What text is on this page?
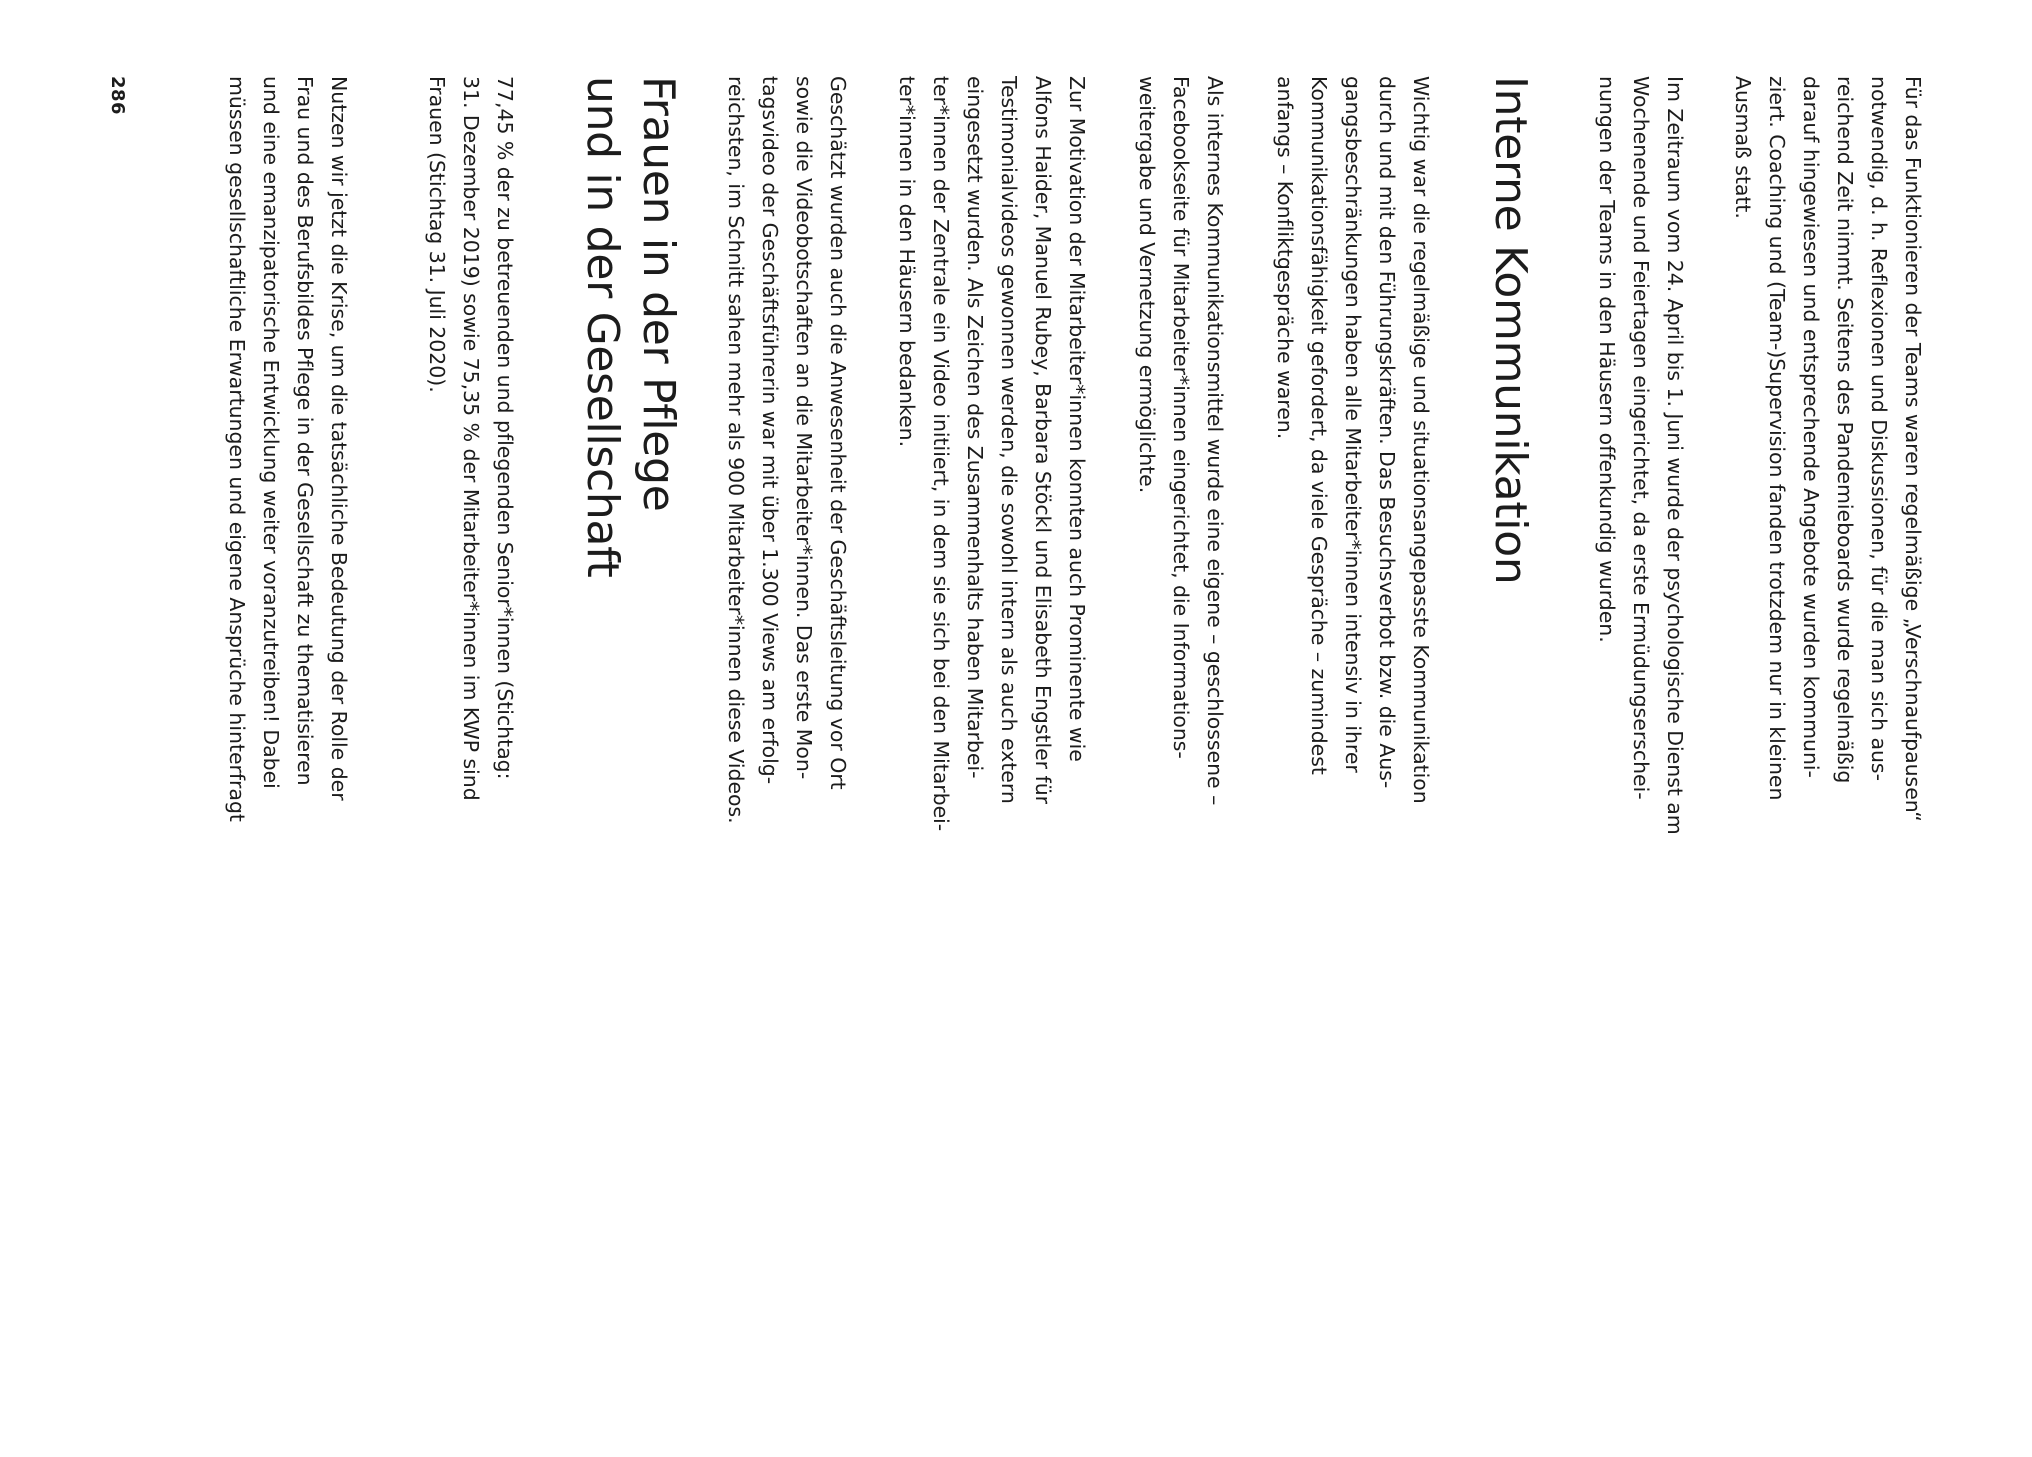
Für das Funktionieren der Teams waren regelmäßige „Verschnaufpausen“
notwendig, d. h. Reflexionen und Diskussionen, für die man sich aus-
reichend Zeit nimmt. Seitens des Pandemieboards wurde regelmäßig
darauf hingewiesen und entsprechende Angebote wurden kommuni-
ziert. Coaching und (Team-)Supervision fanden trotzdem nur in kleinen
Ausmaß statt.

Im Zeitraum vom 24. April bis 1. Juni wurde der psychologische Dienst am
Wochenende und Feiertagen eingerichtet, da erste Ermüdungserschei-
nungen der Teams in den Häusern offenkundig wurden.

Interne Kommunikation

Wichtig war die regelmäßige und situationsangepasste Kommunikation
durch und mit den Führungskräften. Das Besuchsverbot bzw. die Aus-
gangsbeschränkungen haben alle Mitarbeiter*innen intensiv in ihrer
Kommunikationsfähigkeit gefordert, da viele Gespräche – zumindest
anfangs – Konfliktgespräche waren.

Als internes Kommunikationsmittel wurde eine eigene – geschlossene –
Facebookseite für Mitarbeiter*innen eingerichtet, die Informations-
weitergabe und Vernetzung ermöglichte.

Zur Motivation der Mitarbeiter*innen konnten auch Prominente wie
Alfons Haider, Manuel Rubey, Barbara Stöckl und Elisabeth Engstler für
Testimonialvideos gewonnen werden, die sowohl intern als auch extern
eingesetzt wurden. Als Zeichen des Zusammenhalts haben Mitarbei-
ter*innen der Zentrale ein Video initiiert, in dem sie sich bei den Mitarbei-
ter*innen in den Häusern bedanken.

Geschätzt wurden auch die Anwesenheit der Geschäftsleitung vor Ort
sowie die Videobotschaften an die Mitarbeiter*innen. Das erste Mon-
tagsvideo der Geschäftsführerin war mit über 1.300 Views am erfolg-
reichsten, im Schnitt sahen mehr als 900 Mitarbeiter*innen diese Videos.

Frauen in der Pflege
und in der Gesellschaft

77,45 % der zu betreuenden und pflegenden Senior*innen (Stichtag:
31. Dezember 2019) sowie 75,35 % der Mitarbeiter*innen im KWP sind
Frauen (Stichtag 31. Juli 2020).

Nutzen wir jetzt die Krise, um die tatsächliche Bedeutung der Rolle der
Frau und des Berufsbildes Pflege in der Gesellschaft zu thematisieren
und eine emanzipatorische Entwicklung weiter voranzutreiben! Dabei
müssen gesellschaftliche Erwartungen und eigene Ansprüche hinterfragt

286
